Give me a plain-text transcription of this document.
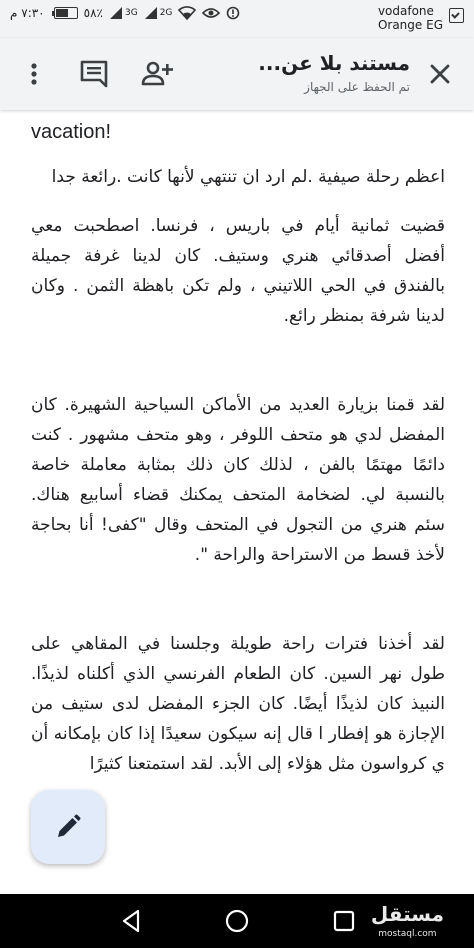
٧:٣٠ م	٥٨٪ 3G 2G	vodafone
Orange EG
مستند بلا عن...
تم الحفظ على الجهاز

vacation!

اعظم رحلة صيفية .لم ارد ان تنتهي لأنها كانت .رائعة جدا

قضيت ثمانية أيام في باريس ، فرنسا. اصطحبت معي أفضل أصدقائي هنري وستيف. كان لدينا غرفة جميلة بالفندق في الحي اللاتيني ، ولم تكن باهظة الثمن . وكان لدينا شرفة بمنظر رائع.

لقد قمنا بزيارة العديد من الأماكن السياحية الشهيرة. كان المفضل لدي هو متحف اللوفر ، وهو متحف مشهور . كنت دائمًا مهتمًا بالفن ، لذلك كان ذلك بمثابة معاملة خاصة بالنسبة لي. لضخامة المتحف يمكنك قضاء أسابيع هناك. سئم هنري من التجول في المتحف وقال "كفى! أنا بحاجة لأخذ قسط من الاستراحة والراحة ".

لقد أخذنا فترات راحة طويلة وجلسنا في المقاهي على طول نهر السين. كان الطعام الفرنسي الذي أكلناه لذيذًا. النبيذ كان لذيذًا أيضًا. كان الجزء المفضل لدى ستيف من الإجازة هو إفطار ا قال إنه سيكون سعيدًا إذا كان بإمكانه أن ي كرواسون مثل هؤلاء إلى الأبد. لقد استمتعنا كثيرًا

مستقل
mostaql.com
